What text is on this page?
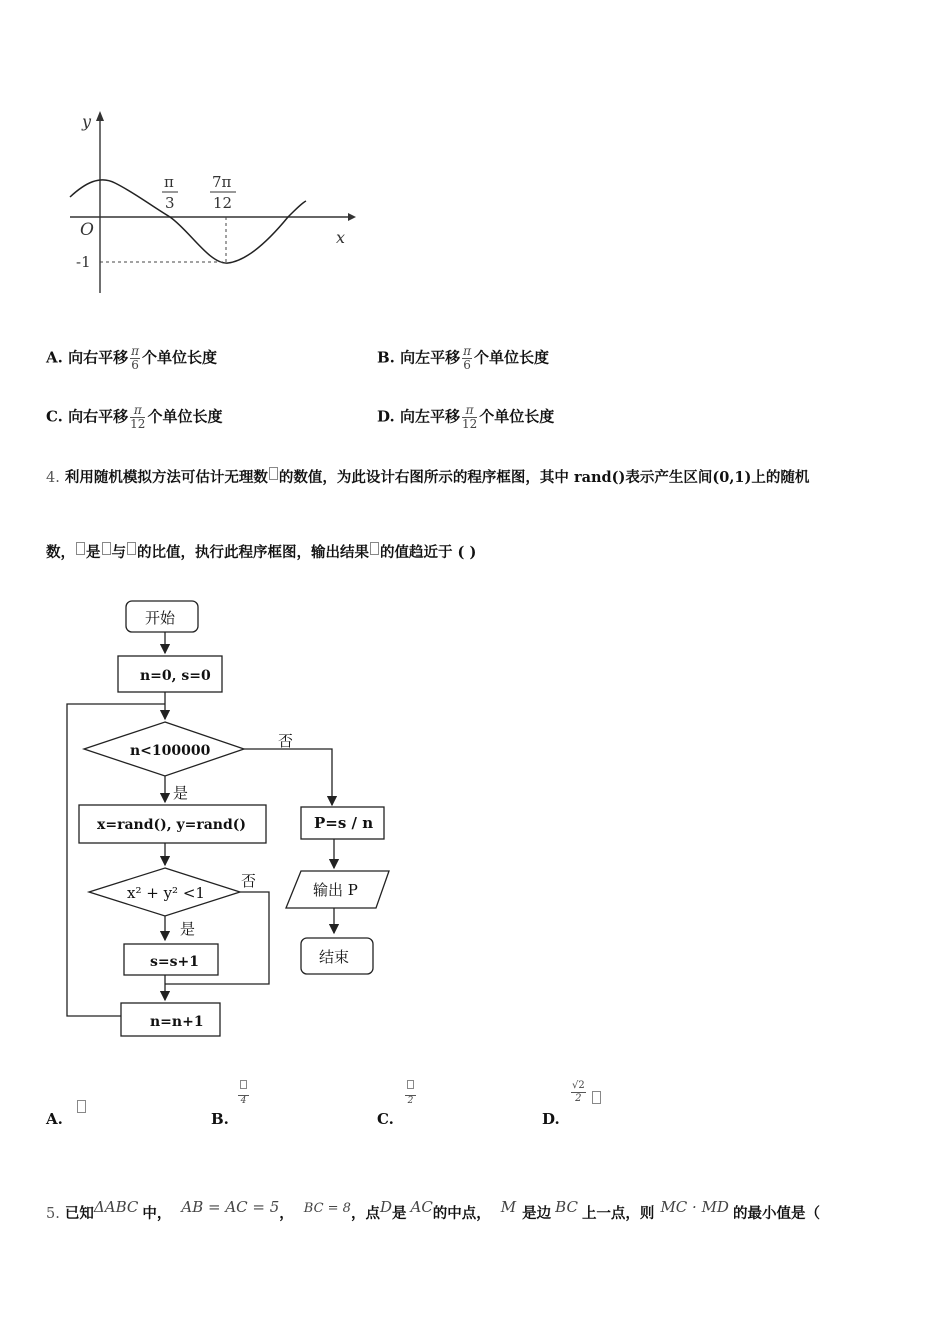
y
x
O
π
3
7π
12
-1
A. 向右平移 $\frac{\pi}{6}$ 个单位长度	B. 向左平移 $\frac{\pi}{6}$ 个单位长度
C. 向右平移 $\frac{\pi}{12}$ 个单位长度	D. 向左平移 $\frac{\pi}{12}$ 个单位长度
4. 利用随机模拟方法可估计无理数 的数值，为此设计右图所示的程序框图，其中 rand()表示产生区间(0,1)上的随机
数， 是 与 的比值，执行此程序框图，输出结果 的值趋近于 ( )
开始
n=0, s=0
n<100000
否
是
x=rand(), y=rand()	P=s / n
x² + y² <1
否
是
输出 P
s=s+1	结束
n=n+1
A.	B.
4
C.
2
D.
$\frac{√2}{2}$
5. 已知ΔABC 中， AB = AC = 5， BC = 8，点D是 AC的中点， M 是边 BC 上一点，则 MC · MD 的最小值是（
